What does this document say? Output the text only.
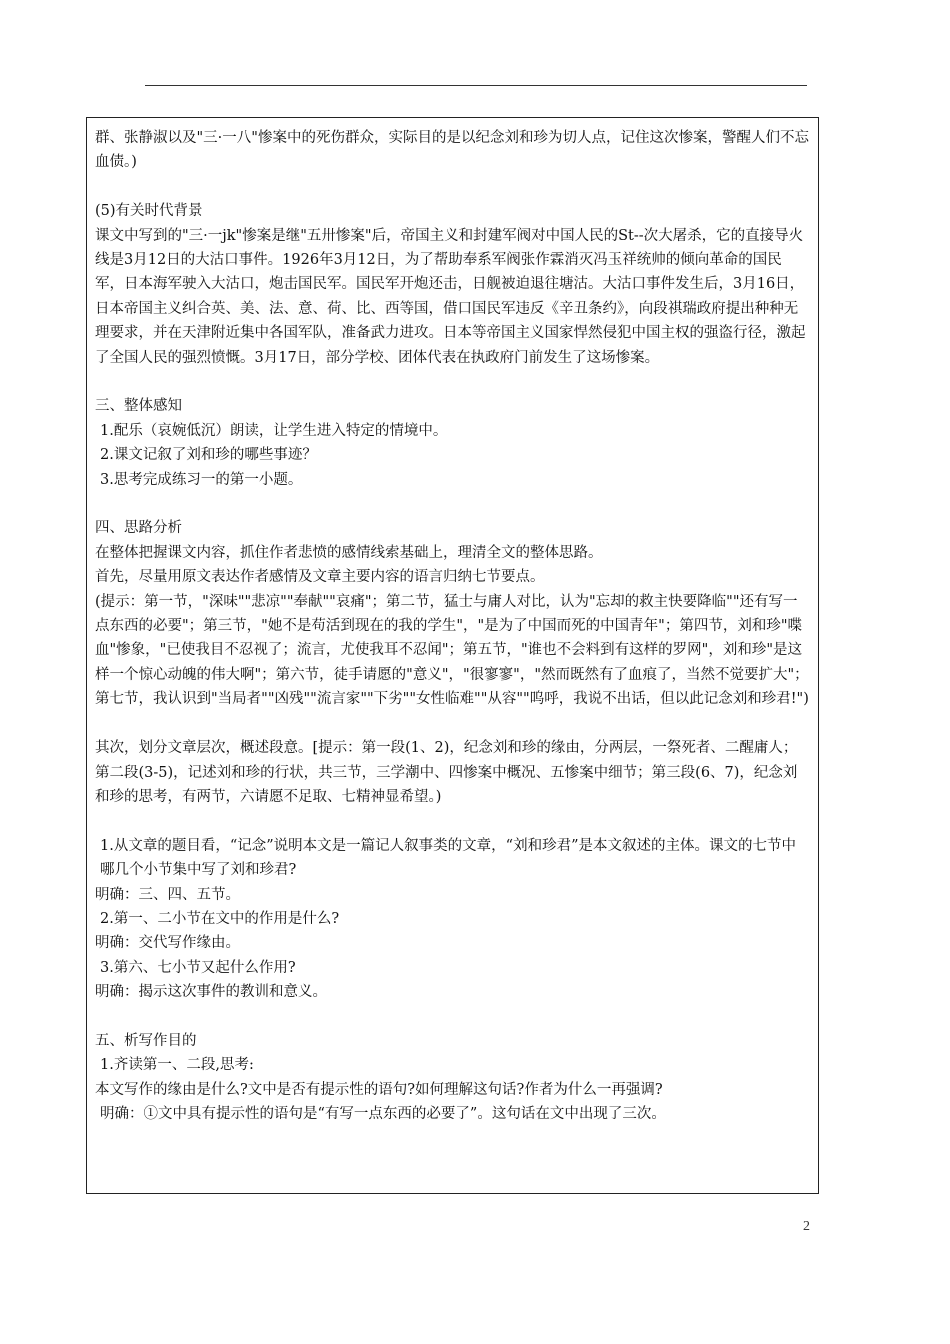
群、张静淑以及"三·一八"惨案中的死伤群众，实际目的是以纪念刘和珍为切人点，记住这次惨案，警醒人们不忘血债。)

(5)有关时代背景

课文中写到的"三·一jk"惨案是继"五卅惨案"后，帝国主义和封建军阀对中国人民的St--次大屠杀，它的直接导火线是3月12日的大沽口事件。1926年3月12日，为了帮助奉系军阀张作霖消灭冯玉祥统帅的倾向革命的国民军，日本海军驶入大沽口，炮击国民军。国民军开炮还击，日舰被迫退往塘沽。大沽口事件发生后，3月16日，日本帝国主义纠合英、美、法、意、荷、比、西等国，借口国民军违反《辛丑条约》，向段祺瑞政府提出种种无理要求，并在天津附近集中各国军队，准备武力进攻。日本等帝国主义国家悍然侵犯中国主权的强盗行径，激起了全国人民的强烈愤慨。3月17日，部分学校、团体代表在执政府门前发生了这场惨案。

三、整体感知

1.配乐（哀婉低沉）朗读，让学生进入特定的情境中。

2.课文记叙了刘和珍的哪些事迹？

3.思考完成练习一的第一小题。

四、思路分析

在整体把握课文内容，抓住作者悲愤的感情线索基础上，理清全文的整体思路。

首先，尽量用原文表达作者感情及文章主要内容的语言归纳七节要点。

(提示：第一节，"深味""悲凉""奉献""哀痛"；第二节，猛士与庸人对比，认为"忘却的救主快要降临""还有写一点东西的必要"；第三节，"她不是苟活到现在的我的学生"，"是为了中国而死的中国青年"；第四节，刘和珍"喋血"惨象，"已使我目不忍视了；流言，尤使我耳不忍闻"；第五节，"谁也不会料到有这样的罗网"，刘和珍"是这样一个惊心动魄的伟大啊"；第六节，徒手请愿的"意义"，"很寥寥"，"然而既然有了血痕了，当然不觉要扩大"；第七节，我认识到"当局者""凶残""流言家""下劣""女性临难""从容""呜呼，我说不出话，但以此记念刘和珍君!")

其次，划分文章层次，概述段意。[提示：第一段(1、2)，纪念刘和珍的缘由，分两层，一祭死者、二醒庸人；第二段(3-5)，记述刘和珍的行状，共三节，三学潮中、四惨案中概况、五惨案中细节；第三段(6、7)，纪念刘和珍的思考，有两节，六请愿不足取、七精神显希望。)

1.从文章的题目看，“记念”说明本文是一篇记人叙事类的文章，“刘和珍君”是本文叙述的主体。课文的七节中哪几个小节集中写了刘和珍君?

明确：三、四、五节。

2.第一、二小节在文中的作用是什么?

明确：交代写作缘由。

3.第六、七小节又起什么作用?

明确：揭示这次事件的教训和意义。

五、析写作目的

1.齐读第一、二段,思考:

本文写作的缘由是什么?文中是否有提示性的语句?如何理解这句话?作者为什么一再强调?

明确：①文中具有提示性的语句是“有写一点东西的必要了”。这句话在文中出现了三次。

2
